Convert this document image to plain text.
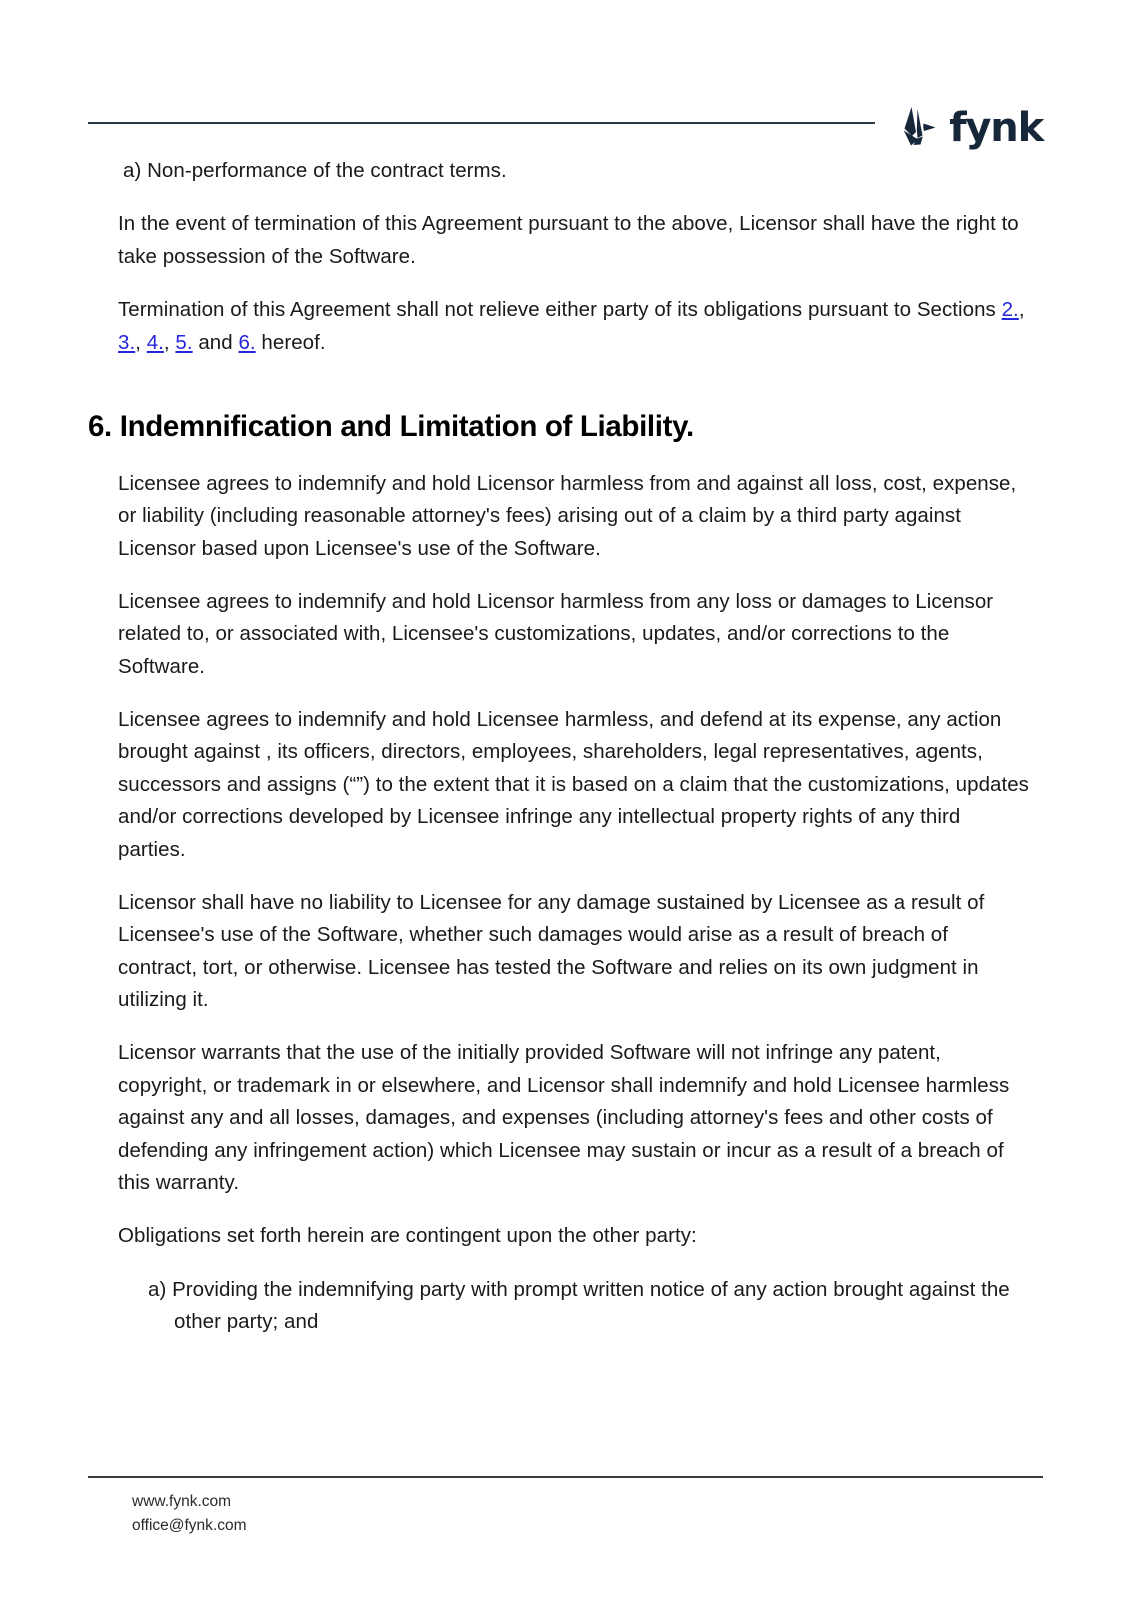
fynk

a) Non-performance of the contract terms.

In the event of termination of this Agreement pursuant to the above, Licensor shall have the right to take possession of the Software.

Termination of this Agreement shall not relieve either party of its obligations pursuant to Sections 2., 3., 4., 5. and 6. hereof.

6. Indemnification and Limitation of Liability.

Licensee agrees to indemnify and hold Licensor harmless from and against all loss, cost, expense, or liability (including reasonable attorney's fees) arising out of a claim by a third party against Licensor based upon Licensee's use of the Software.

Licensee agrees to indemnify and hold Licensor harmless from any loss or damages to Licensor related to, or associated with, Licensee's customizations, updates, and/or corrections to the Software.

Licensee agrees to indemnify and hold Licensee harmless, and defend at its expense, any action brought against , its officers, directors, employees, shareholders, legal representatives, agents, successors and assigns (“”) to the extent that it is based on a claim that the customizations, updates and/or corrections developed by Licensee infringe any intellectual property rights of any third parties.

Licensor shall have no liability to Licensee for any damage sustained by Licensee as a result of Licensee's use of the Software, whether such damages would arise as a result of breach of contract, tort, or otherwise. Licensee has tested the Software and relies on its own judgment in utilizing it.

Licensor warrants that the use of the initially provided Software will not infringe any patent, copyright, or trademark in or elsewhere, and Licensor shall indemnify and hold Licensee harmless against any and all losses, damages, and expenses (including attorney's fees and other costs of defending any infringement action) which Licensee may sustain or incur as a result of a breach of this warranty.

Obligations set forth herein are contingent upon the other party:

a) Providing the indemnifying party with prompt written notice of any action brought against the other party; and

www.fynk.com
office@fynk.com
